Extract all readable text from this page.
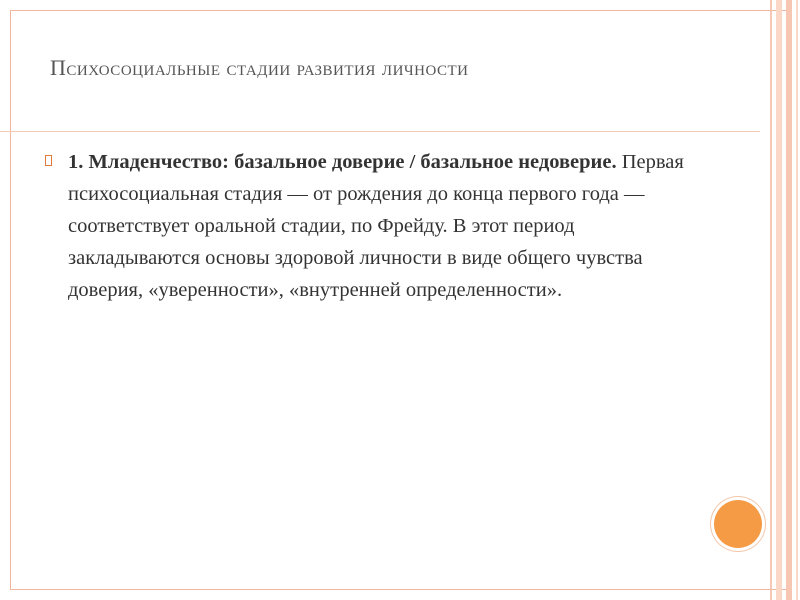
Психосоциальные стадии развития личности
1. Младенчество: базальное доверие / базальное недоверие. Первая психосоциальная стадия — от рождения до конца первого года — соответствует оральной стадии, по Фрейду. В этот период закладываются основы здоровой личности в виде общего чувства доверия, «уверенности», «внутренней определенности».
